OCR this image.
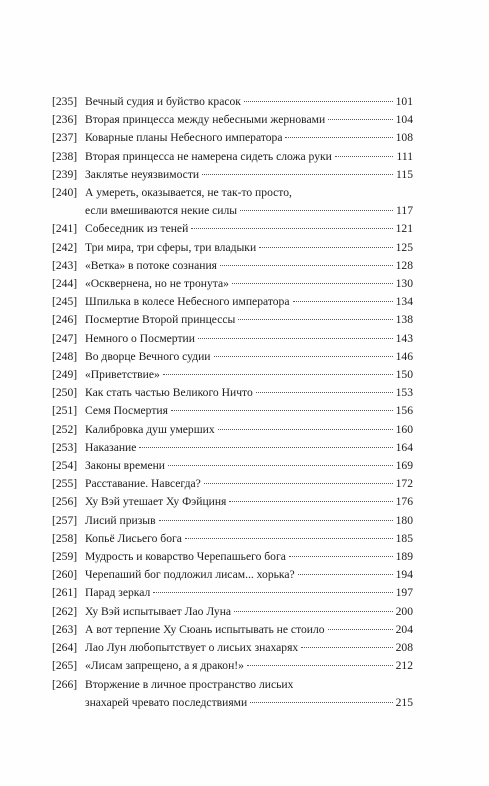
[235] Вечный судия и буйство красок	101
[236] Вторая принцесса между небесными жерновами	104
[237] Коварные планы Небесного императора	108
[238] Вторая принцесса не намерена сидеть сложа руки	111
[239] Заклятье неуязвимости	115
[240] А умереть, оказывается, не так-то просто,
если вмешиваются некие силы	117
[241] Собеседник из теней	121
[242] Три мира, три сферы, три владыки	125
[243] «Ветка» в потоке сознания	128
[244] «Осквернена, но не тронута»	130
[245] Шпилька в колесе Небесного императора	134
[246] Посмертие Второй принцессы	138
[247] Немного о Посмертии	143
[248] Во дворце Вечного судии	146
[249] «Приветствие»	150
[250] Как стать частью Великого Ничто	153
[251] Семя Посмертия	156
[252] Калибровка душ умерших	160
[253] Наказание	164
[254] Законы времени	169
[255] Расставание. Навсегда?	172
[256] Ху Вэй утешает Ху Фэйциня	176
[257] Лисий призыв	180
[258] Копьё Лисьего бога	185
[259] Мудрость и коварство Черепашьего бога	189
[260] Черепаший бог подложил лисам... хорька?	194
[261] Парад зеркал	197
[262] Ху Вэй испытывает Лао Луна	200
[263] А вот терпение Ху Сюань испытывать не стоило	204
[264] Лао Лун любопытствует о лисьих знахарях	208
[265] «Лисам запрещено, а я дракон!»	212
[266] Вторжение в личное пространство лисьих
знахарей чревато последствиями	215
